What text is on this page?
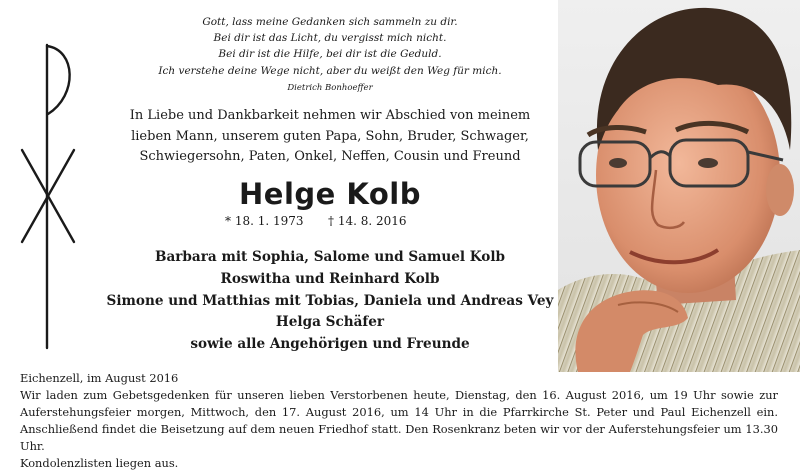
Gott, lass meine Gedanken sich sammeln zu dir.
Bei dir ist das Licht, du vergisst mich nicht.
Bei dir ist die Hilfe, bei dir ist die Geduld.
Ich verstehe deine Wege nicht, aber du weißt den Weg für mich.
Dietrich Bonhoeffer
In Liebe und Dankbarkeit nehmen wir Abschied von meinem
lieben Mann, unserem guten Papa, Sohn, Bruder, Schwager,
Schwiegersohn, Paten, Onkel, Neffen, Cousin und Freund
Helge Kolb
* 18. 1. 1973 † 14. 8. 2016
Barbara mit Sophia, Salome und Samuel Kolb
Roswitha und Reinhard Kolb
Simone und Matthias mit Tobias, Daniela und Andreas Vey
Helga Schäfer
sowie alle Angehörigen und Freunde
Eichenzell, im August 2016
Wir laden zum Gebetsgedenken für unseren lieben Verstorbenen heute, Dienstag, den 16. August 2016, um 19 Uhr sowie zur Auferstehungsfeier morgen, Mittwoch, den 17. August 2016, um 14 Uhr in die Pfarrkirche St. Peter und Paul Eichenzell ein. Anschließend findet die Beisetzung auf dem neuen Friedhof statt. Den Rosenkranz beten wir vor der Auferstehungsfeier um 13.30 Uhr.
Kondolenzlisten liegen aus.
